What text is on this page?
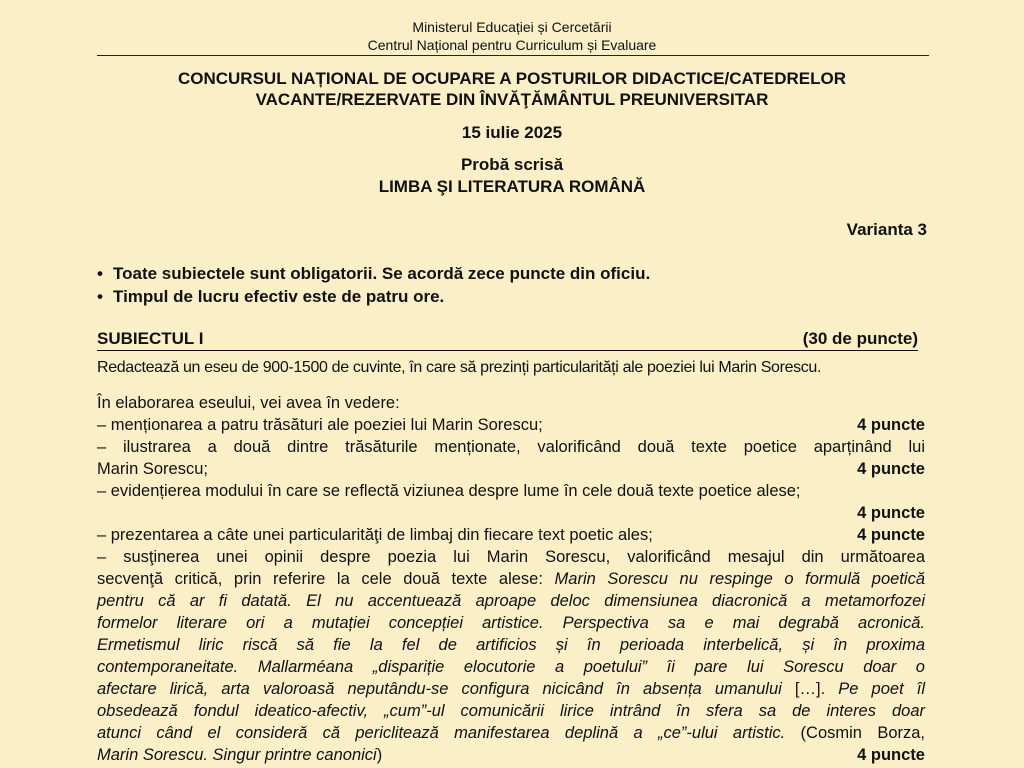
Ministerul Educației și Cercetării
Centrul Național pentru Curriculum și Evaluare
CONCURSUL NAȚIONAL DE OCUPARE A POSTURILOR DIDACTICE/CATEDRELOR
VACANTE/REZERVATE DIN ÎNVĂŢĂMÂNTUL PREUNIVERSITAR
15 iulie 2025
Probă scrisă
LIMBA ŞI LITERATURA ROMÂNĂ
Varianta 3
• Toate subiectele sunt obligatorii. Se acordă zece puncte din oficiu.
• Timpul de lucru efectiv este de patru ore.
SUBIECTUL I	(30 de puncte)
Redactează un eseu de 900-1500 de cuvinte, în care să prezinți particularități ale poeziei lui Marin Sorescu.
În elaborarea eseului, vei avea în vedere:
– menționarea a patru trăsături ale poeziei lui Marin Sorescu;	4 puncte
– ilustrarea a două dintre trăsăturile menționate, valorificând două texte poetice aparținând lui
Marin Sorescu;	4 puncte
– evidențierea modului în care se reflectă viziunea despre lume în cele două texte poetice alese;
4 puncte
– prezentarea a câte unei particularităţi de limbaj din fiecare text poetic ales;	4 puncte
– susţinerea unei opinii despre poezia lui Marin Sorescu, valorificând mesajul din următoarea
secvenţă critică, prin referire la cele două texte alese: Marin Sorescu nu respinge o formulă poetică
pentru că ar fi datată. El nu accentuează aproape deloc dimensiunea diacronică a metamorfozei
formelor literare ori a mutației concepției artistice. Perspectiva sa e mai degrabă acronică.
Ermetismul liric riscă să fie la fel de artificios și în perioada interbelică, și în proxima
contemporaneitate. Mallarméana „dispariție elocutorie a poetului” îi pare lui Sorescu doar o
afectare lirică, arta valoroasă neputându-se configura nicicând în absența umanului […]. Pe poet îl
obsedează fondul ideatico-afectiv, „cum”-ul comunicării lirice intrând în sfera sa de interes doar
atunci când el consideră că periclitează manifestarea deplină a „ce”-ului artistic. (Cosmin Borza,
Marin Sorescu. Singur printre canonici)	4 puncte
